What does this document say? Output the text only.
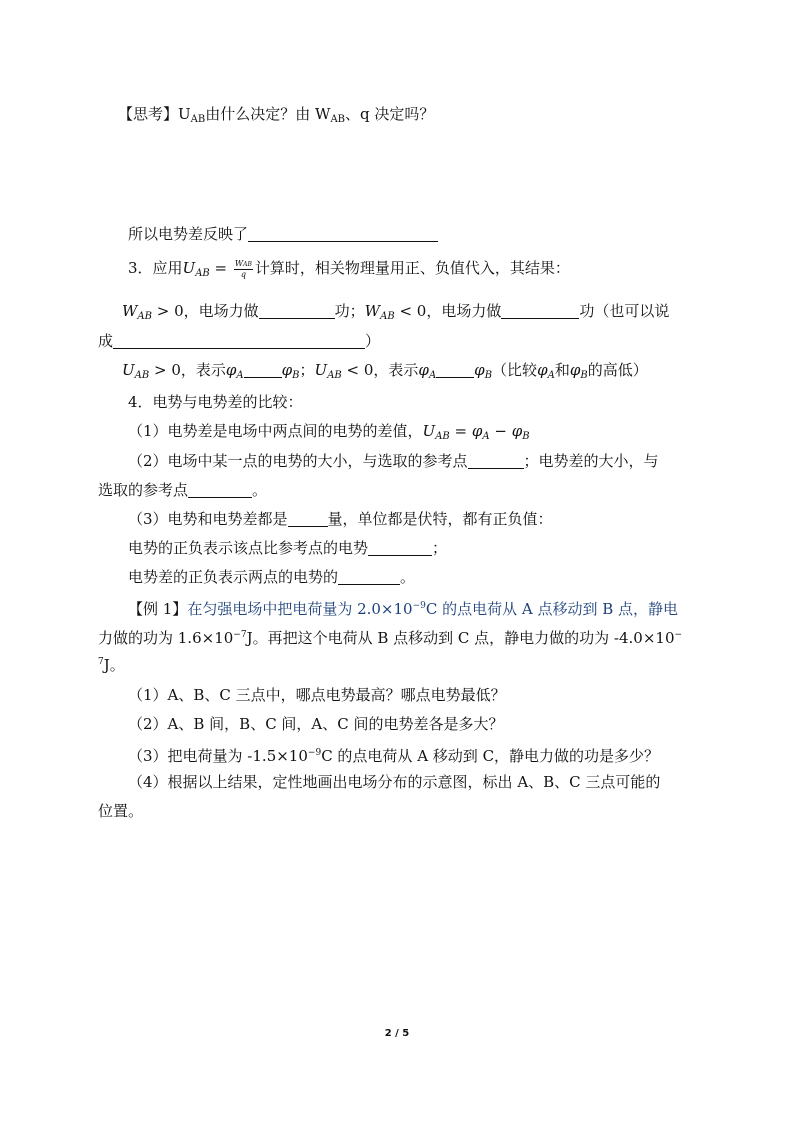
【思考】$U_{AB}$由什么决定？由 $W_{AB}$、q 决定吗？
所以电势差反映了
3．应用$U_{AB} = \frac{\text{WAB}}{q}$ 计算时，相关物理量用正、负值代入，其结果：
$W_{AB} > 0$，电场力做	功；$W_{AB} < 0$，电场力做	功（也可以说
成	）
$U_{AB} > 0$，表示$\varphi_A$	$\varphi_B$；$U_{AB} < 0$，表示$\varphi_A$	$\varphi_B$（比较$\varphi_A$和$\varphi_B$的高低）
4．电势与电势差的比较：
（1）电势差是电场中两点间的电势的差值，$U_{AB} = \varphi_A - \varphi_B$
（2）电场中某一点的电势的大小，与选取的参考点	；电势差的大小，与
选取的参考点	。
（3）电势和电势差都是	量，单位都是伏特，都有正负值：
电势的正负表示该点比参考点的电势	；
电势差的正负表示两点的电势的	。
【例 1】在匀强电场中把电荷量为 $2.0\times 10^{-9}C$ 的点电荷从 A 点移动到 B 点，静电
力做的功为 $1.6\times 10^{-7}J$。再把这个电荷从 B 点移动到 C 点，静电力做的功为 -4.0×10−
$^7$J。
（1）A、B、C 三点中，哪点电势最高？哪点电势最低？
（2）A、B 间，B、C 间，A、C 间的电势差各是多大？
（3）把电荷量为 $-1.5\times 10^{-9}C$ 的点电荷从 A 移动到 C，静电力做的功是多少？
（4）根据以上结果，定性地画出电场分布的示意图，标出 A、B、C 三点可能的
位置。
2 / 5
